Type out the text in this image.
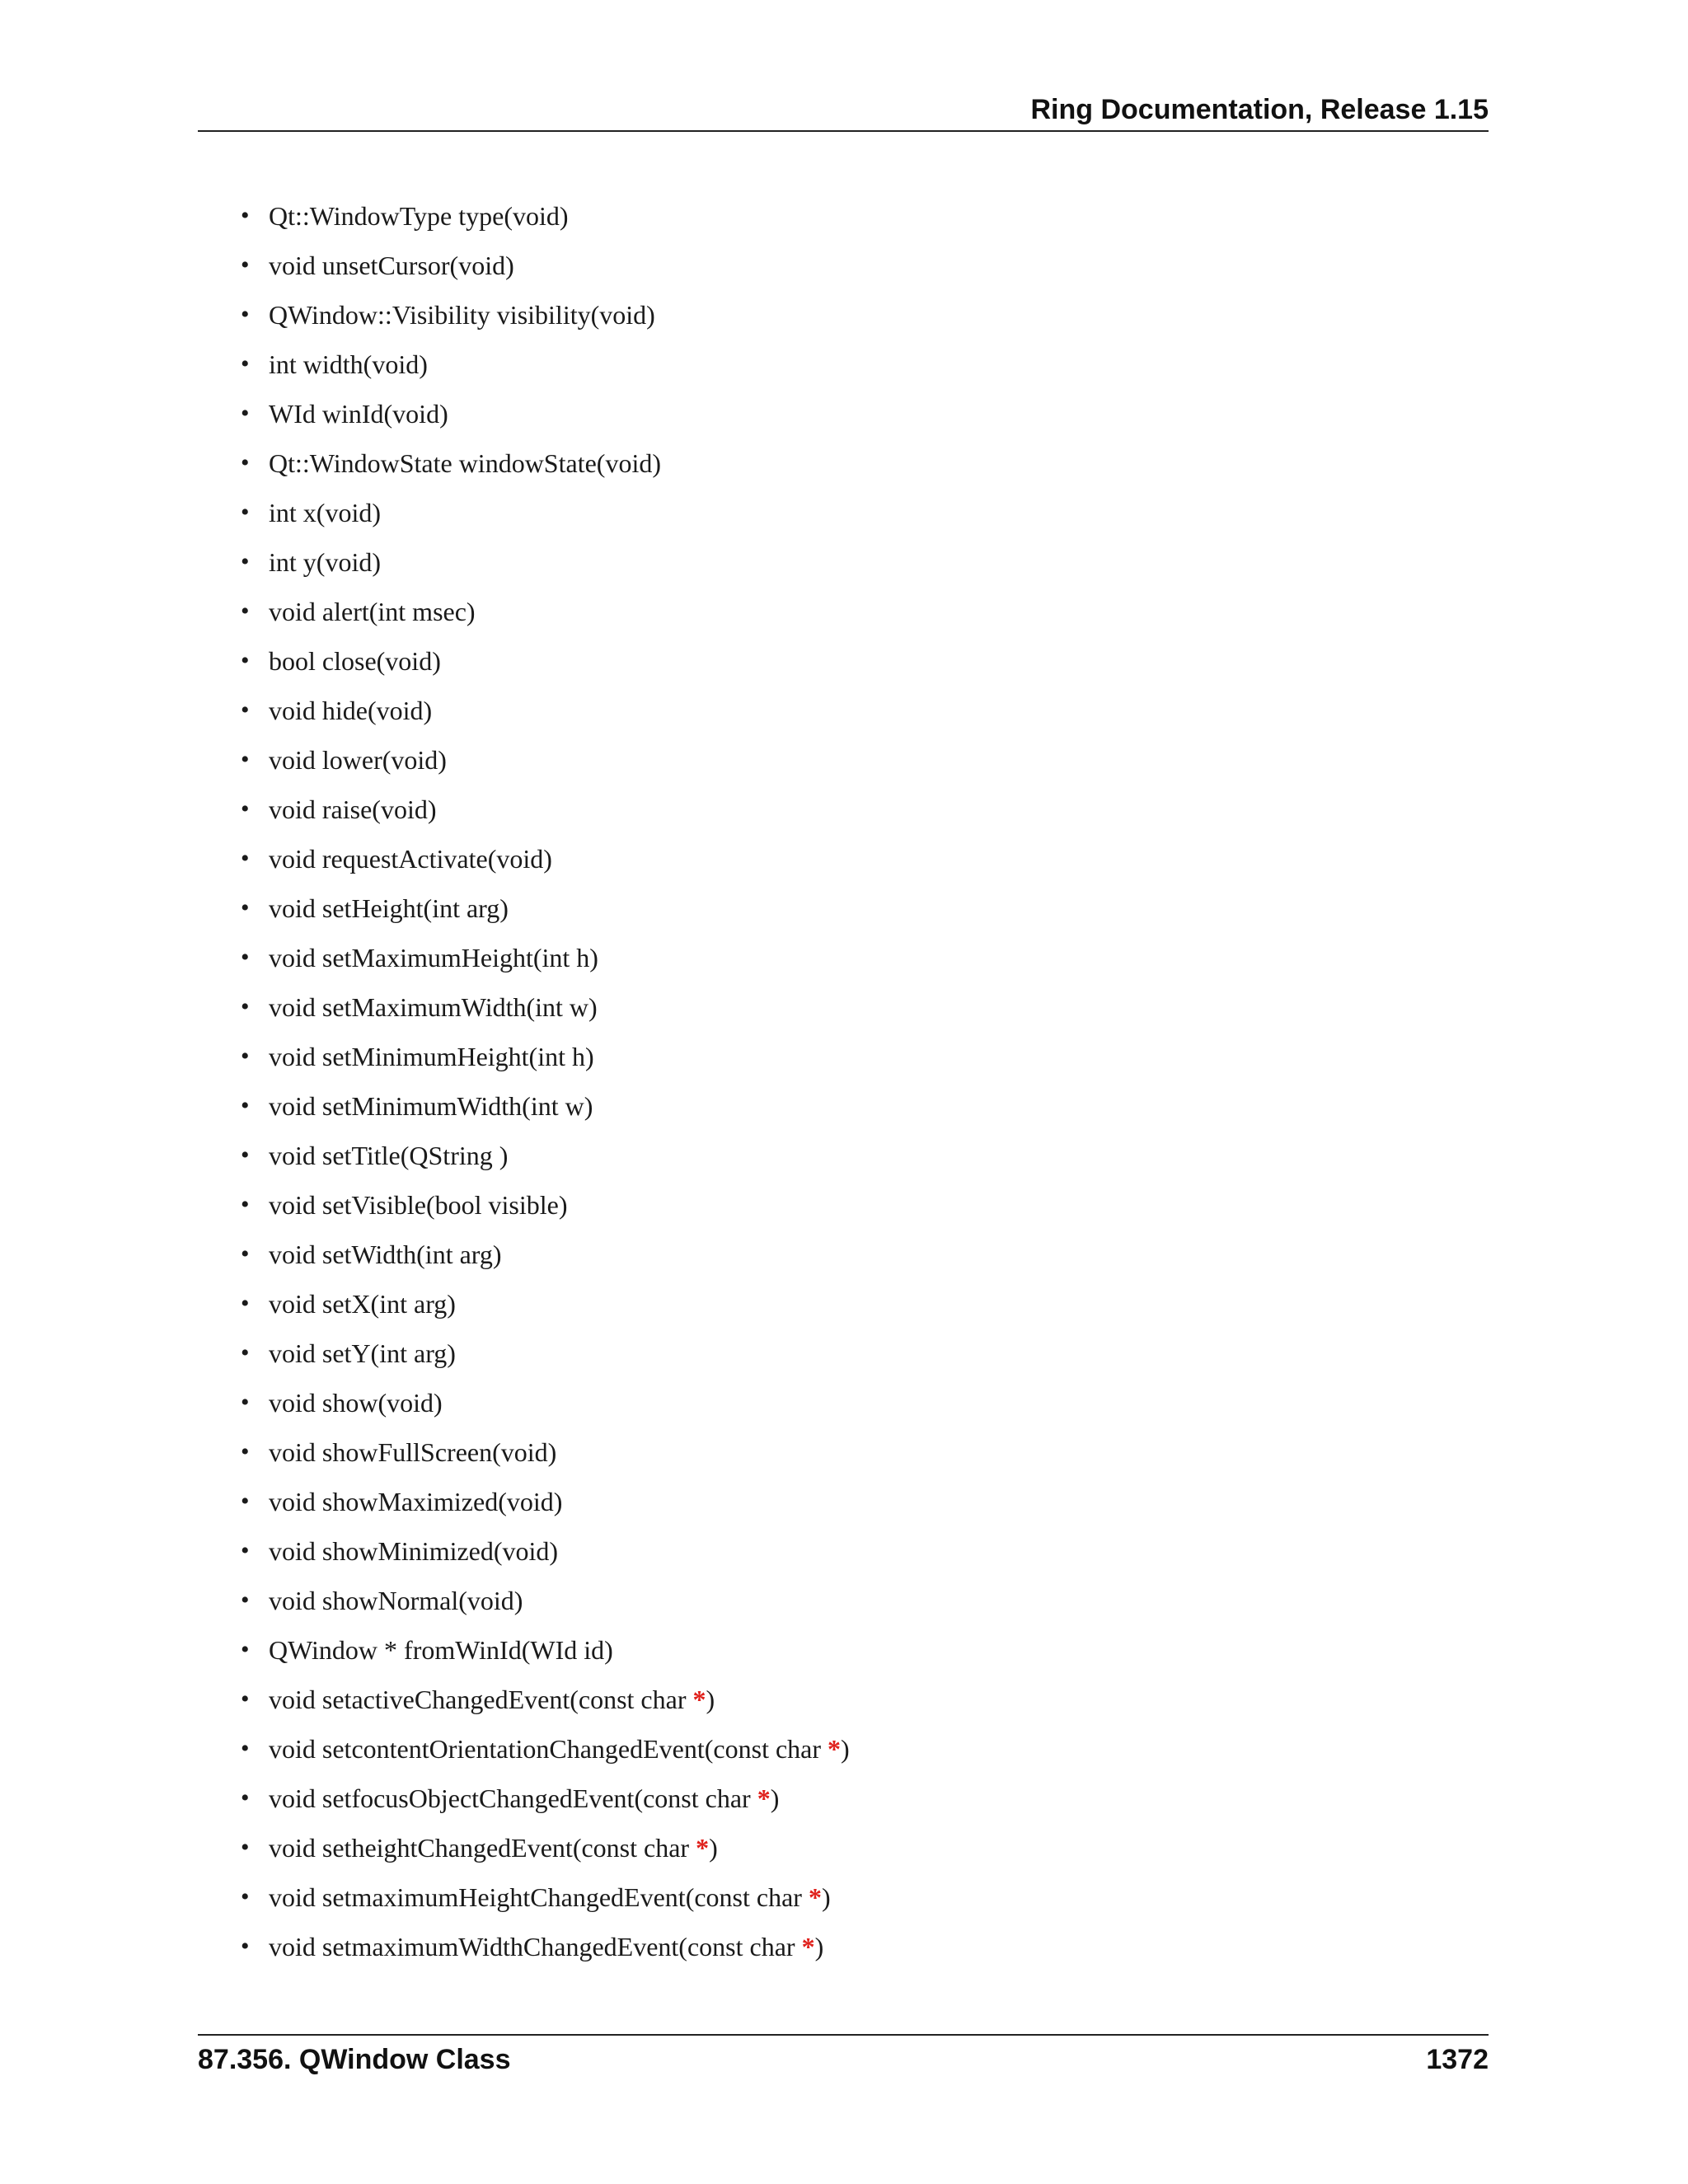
Ring Documentation, Release 1.15
• Qt::WindowType type(void)
• void unsetCursor(void)
• QWindow::Visibility visibility(void)
• int width(void)
• WId winId(void)
• Qt::WindowState windowState(void)
• int x(void)
• int y(void)
• void alert(int msec)
• bool close(void)
• void hide(void)
• void lower(void)
• void raise(void)
• void requestActivate(void)
• void setHeight(int arg)
• void setMaximumHeight(int h)
• void setMaximumWidth(int w)
• void setMinimumHeight(int h)
• void setMinimumWidth(int w)
• void setTitle(QString )
• void setVisible(bool visible)
• void setWidth(int arg)
• void setX(int arg)
• void setY(int arg)
• void show(void)
• void showFullScreen(void)
• void showMaximized(void)
• void showMinimized(void)
• void showNormal(void)
• QWindow * fromWinId(WId id)
• void setactiveChangedEvent(const char *)
• void setcontentOrientationChangedEvent(const char *)
• void setfocusObjectChangedEvent(const char *)
• void setheightChangedEvent(const char *)
• void setmaximumHeightChangedEvent(const char *)
• void setmaximumWidthChangedEvent(const char *)
87.356. QWindow Class	1372
